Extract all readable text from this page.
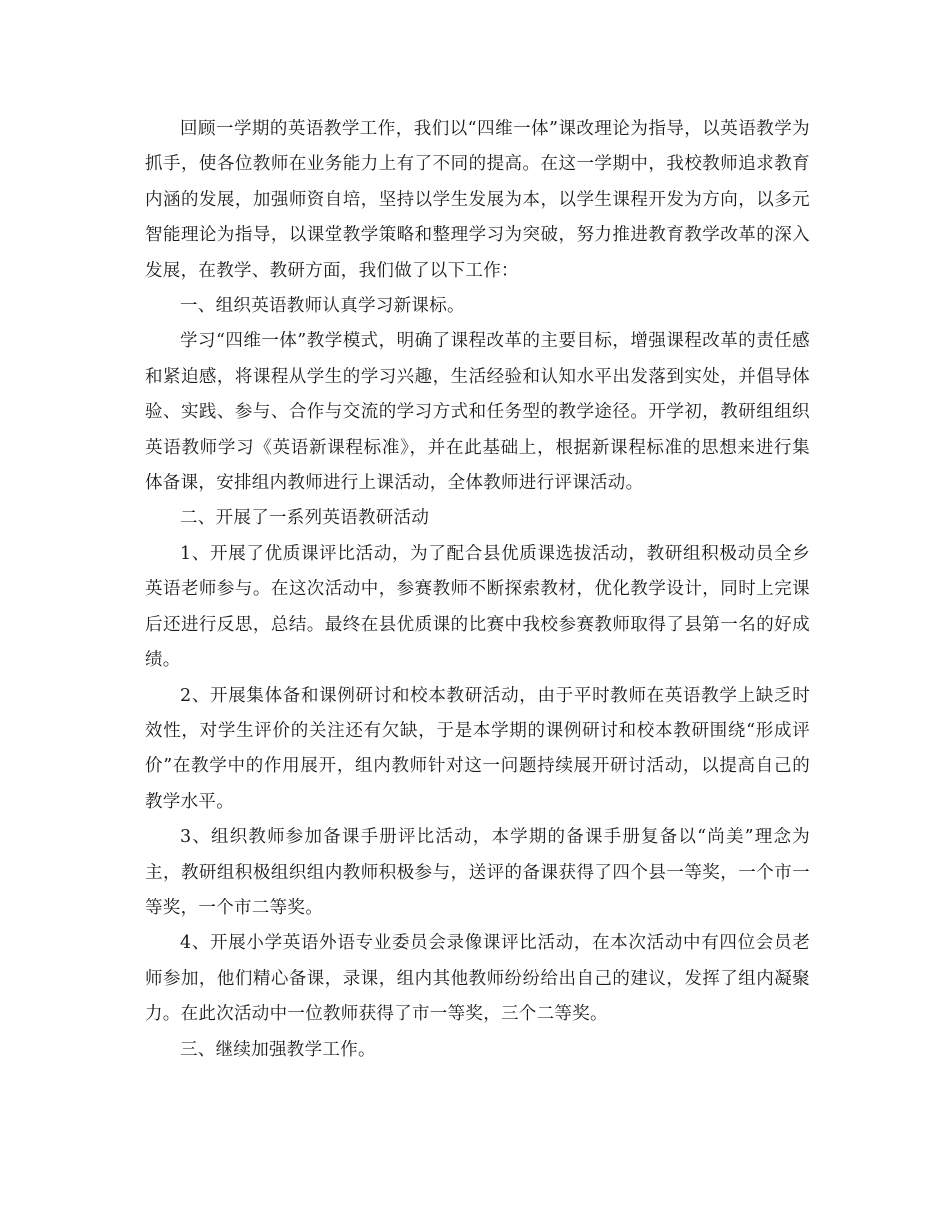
回顾一学期的英语教学工作，我们以“四维一体”课改理论为指导，以英语教学为抓手，使各位教师在业务能力上有了不同的提高。在这一学期中，我校教师追求教育内涵的发展，加强师资自培，坚持以学生发展为本，以学生课程开发为方向，以多元智能理论为指导，以课堂教学策略和整理学习为突破，努力推进教育教学改革的深入发展，在教学、教研方面，我们做了以下工作：

一、组织英语教师认真学习新课标。

学习“四维一体”教学模式，明确了课程改革的主要目标，增强课程改革的责任感和紧迫感，将课程从学生的学习兴趣，生活经验和认知水平出发落到实处，并倡导体验、实践、参与、合作与交流的学习方式和任务型的教学途径。开学初，教研组组织英语教师学习《英语新课程标准》，并在此基础上，根据新课程标准的思想来进行集体备课，安排组内教师进行上课活动，全体教师进行评课活动。

二、开展了一系列英语教研活动

1、开展了优质课评比活动，为了配合县优质课选拔活动，教研组积极动员全乡英语老师参与。在这次活动中，参赛教师不断探索教材，优化教学设计，同时上完课后还进行反思，总结。最终在县优质课的比赛中我校参赛教师取得了县第一名的好成绩。

2、开展集体备和课例研讨和校本教研活动，由于平时教师在英语教学上缺乏时效性，对学生评价的关注还有欠缺，于是本学期的课例研讨和校本教研围绕“形成评价”在教学中的作用展开，组内教师针对这一问题持续展开研讨活动，以提高自己的教学水平。

3、组织教师参加备课手册评比活动，本学期的备课手册复备以“尚美”理念为主，教研组积极组织组内教师积极参与，送评的备课获得了四个县一等奖，一个市一等奖，一个市二等奖。

4、开展小学英语外语专业委员会录像课评比活动，在本次活动中有四位会员老师参加，他们精心备课，录课，组内其他教师纷纷给出自己的建议，发挥了组内凝聚力。在此次活动中一位教师获得了市一等奖，三个二等奖。

三、继续加强教学工作。
